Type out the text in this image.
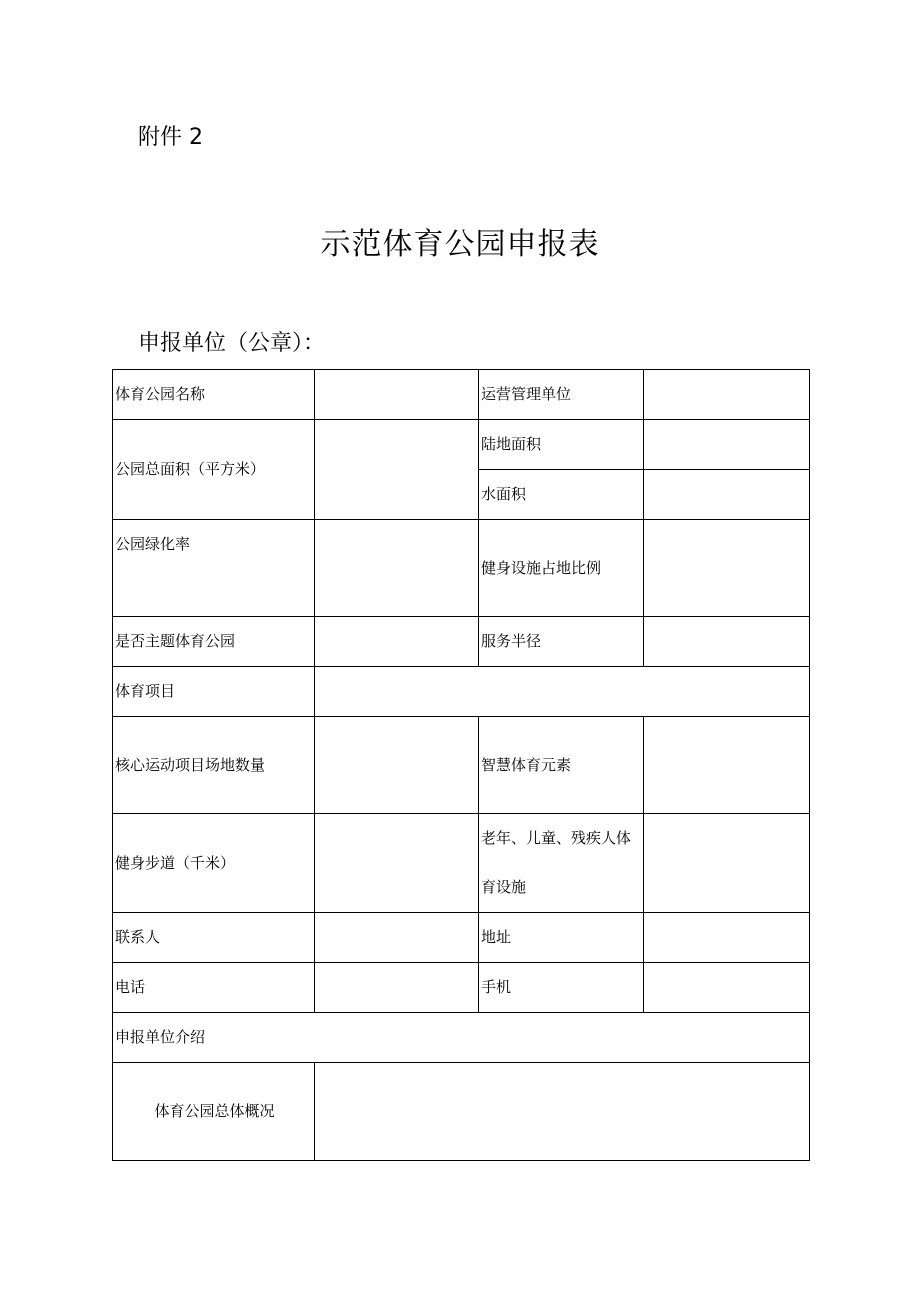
附件 2
示范体育公园申报表
申报单位（公章）：
体育公园名称		运营管理单位	
公园总面积（平方米）		陆地面积	
		水面积	
公园绿化率		健身设施占地比例	
是否主题体育公园		服务半径	
体育项目			
核心运动项目场地数量		智慧体育元素	
健身步道（千米）		老年、儿童、残疾人体育设施	
联系人		地址	
电话		手机	
申报单位介绍			
体育公园总体概况			
